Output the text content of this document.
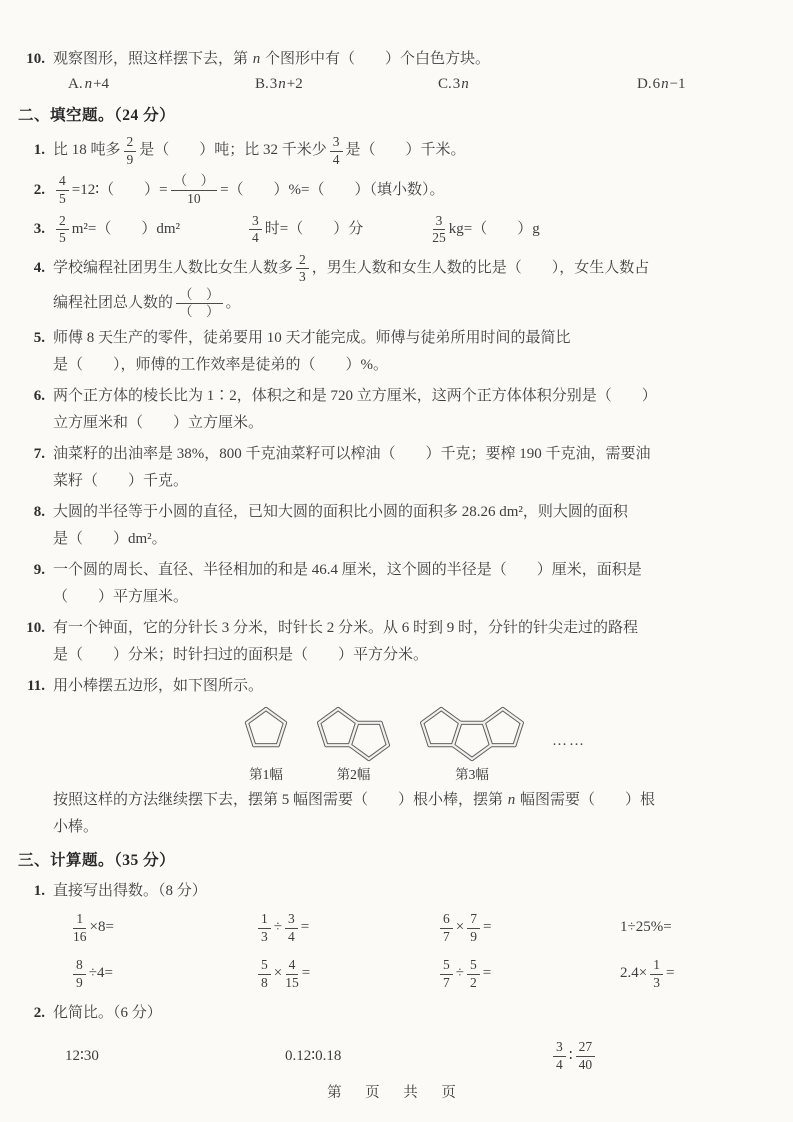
10. 观察图形，照这样摆下去，第 n 个图形中有（　　）个白色方块。
A. n+4	B. 3n+2	C. 3n	D. 6n−1
二、填空题。（24 分）
1. 比 18 吨多 $\frac{2}{9}$ 是（　　）吨；比 32 千米少 $\frac{3}{4}$ 是（　　）千米。
2. $\frac{4}{5}$ =12∶（　　）= $\frac{( )}{10}$ =（　　）%=（　　）（填小数）。
3. $\frac{2}{5} m^2=$（　　）dm²	$\frac{3}{4}$ 时=（　　）分	$\frac{3}{25} kg=$（　　）g
4. 学校编程社团男生人数比女生人数多 $\frac{2}{3}$ ，男生人数和女生人数的比是（　　），女生人数占
编程社团总人数的 $\frac{( )}{( )}$ 。
5. 师傅 8 天生产的零件，徒弟要用 10 天才能完成。师傅与徒弟所用时间的最简比
是（　　），师傅的工作效率是徒弟的（　　）%。
6. 两个正方体的棱长比为 1∶2，体积之和是 720 立方厘米，这两个正方体体积分别是（　　）
立方厘米和（　　）立方厘米。
7. 油菜籽的出油率是 38%，800 千克油菜籽可以榨油（　　）千克；要榨 190 千克油，需要油
菜籽（　　）千克。
8. 大圆的半径等于小圆的直径，已知大圆的面积比小圆的面积多 28.26 dm²，则大圆的面积
是（　　）dm²。
9. 一个圆的周长、直径、半径相加的和是 46.4 厘米，这个圆的半径是（　　）厘米，面积是
（　　）平方厘米。
10. 有一个钟面，它的分针长 3 分米，时针长 2 分米。从 6 时到 9 时，分针的针尖走过的路程
是（　　）分米；时针扫过的面积是（　　）平方分米。
11. 用小棒摆五边形，如下图所示。
第1幅	第2幅	第3幅
……
按照这样的方法继续摆下去，摆第 5 幅图需要（　　）根小棒，摆第 n 幅图需要（　　）根
小棒。
三、计算题。（35 分）
1. 直接写出得数。（8 分）
$\frac{1}{16} \times 8=$	$\frac{1}{3} \div \frac{3}{4}$ =	$\frac{6}{7} \times \frac{7}{9}$ =	1÷25%=
$\frac{8}{9} \div 4=$	$\frac{5}{8} \times \frac{4}{15}$ =	$\frac{5}{7} \div \frac{5}{2}$ =	$2.4\times \frac{1}{3}$ =
2. 化简比。（6 分）
12∶30	0.12∶0.18	$\frac{3}{4}$ ∶ $\frac{27}{40}$
第 页 共 页
